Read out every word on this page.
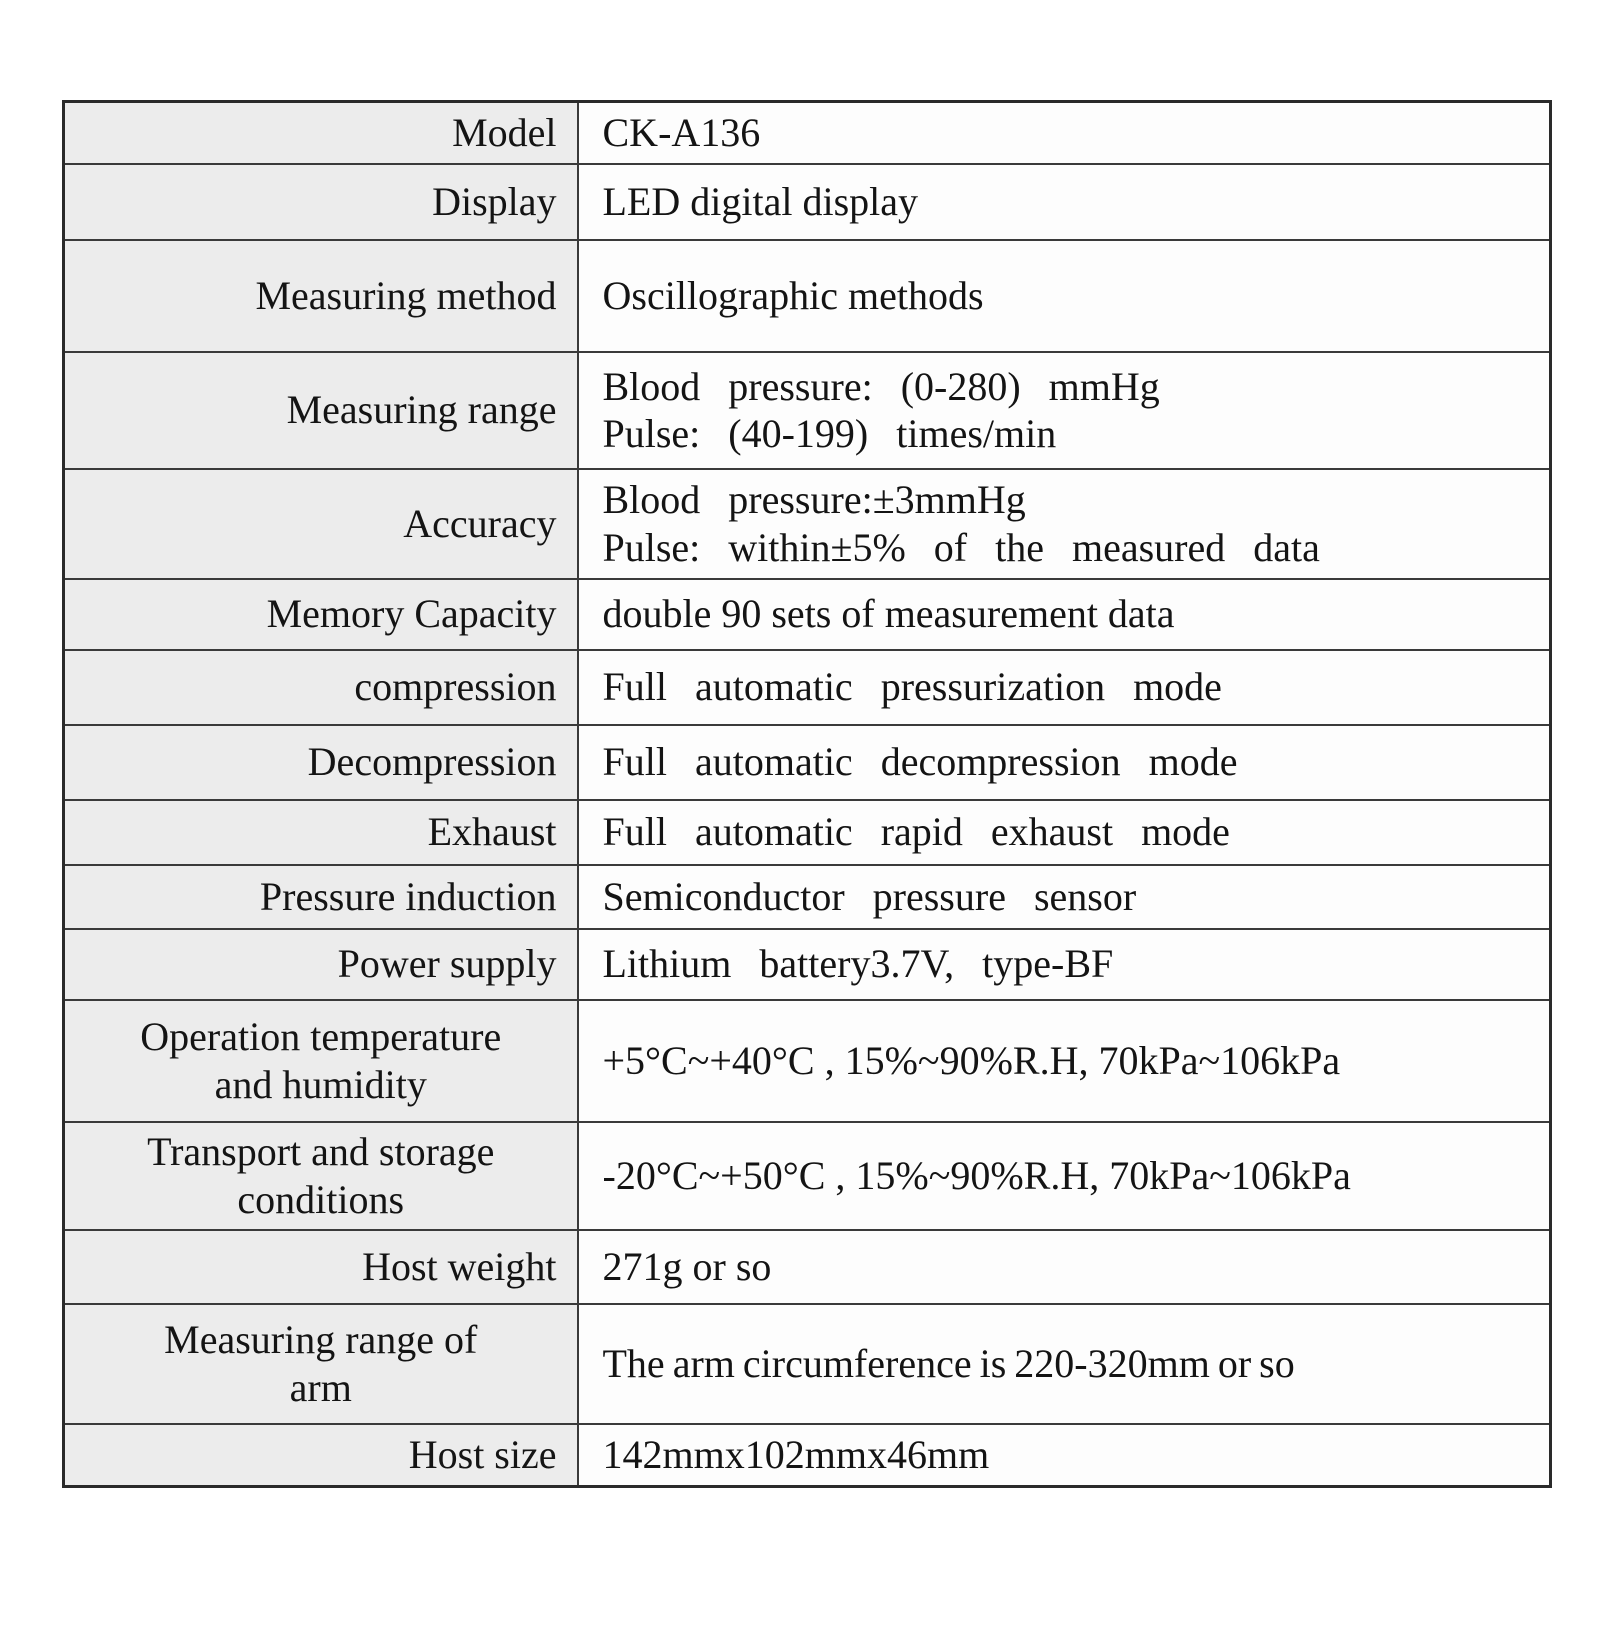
Model	CK-A136

Display	LED digital display

Measuring method	Oscillographic methods

Measuring range	Blood pressure: (0-280) mmHg
Pulse: (40-199) times/min

Accuracy	Blood pressure:±3mmHg
Pulse: within±5% of the measured data

Memory Capacity	double 90 sets of measurement data

compression	Full automatic pressurization mode

Decompression	Full automatic decompression mode

Exhaust	Full automatic rapid exhaust mode

Pressure induction	Semiconductor pressure sensor

Power supply	Lithium battery3.7V, type-BF

Operation temperature
and humidity	+5°C~+40°C , 15%~90%R.H, 70kPa~106kPa

Transport and storage
conditions	-20°C~+50°C , 15%~90%R.H, 70kPa~106kPa

Host weight	271g or so

Measuring range of
arm	The arm circumference is 220-320mm or so

Host size	142mmx102mmx46mm
